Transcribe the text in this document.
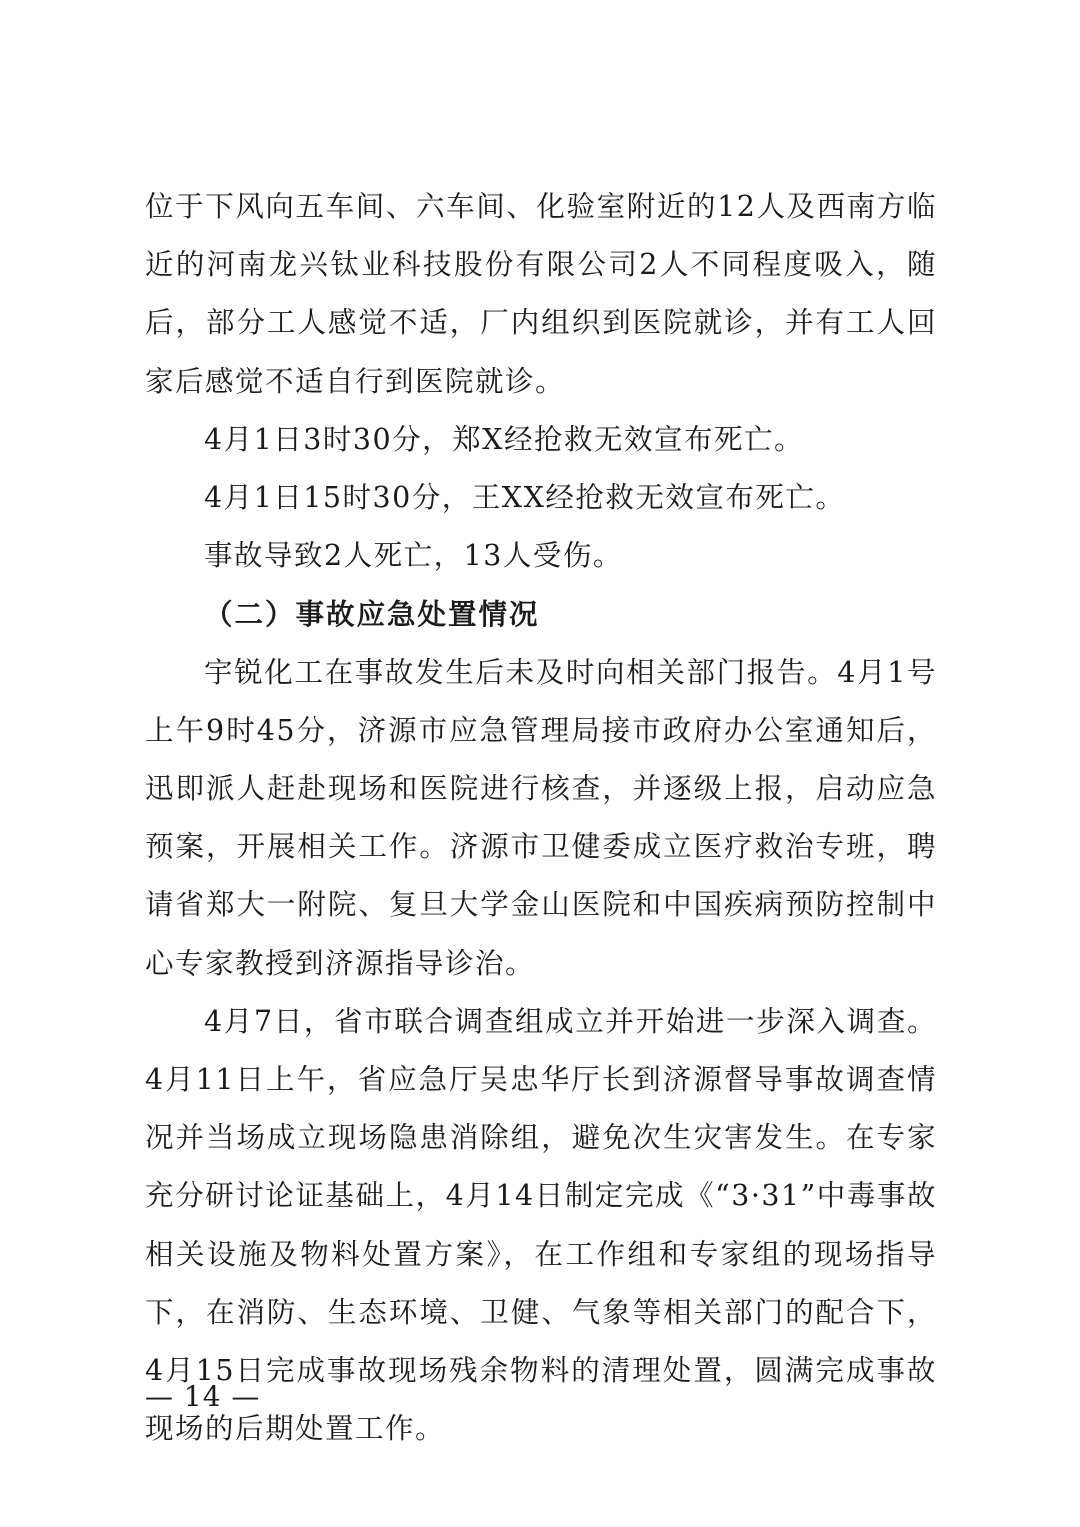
位于下风向五车间、六车间、化验室附近的12人及西南方临近的河南龙兴钛业科技股份有限公司2人不同程度吸入，随后，部分工人感觉不适，厂内组织到医院就诊，并有工人回家后感觉不适自行到医院就诊。

4月1日3时30分，郑X经抢救无效宣布死亡。

4月1日15时30分，王XX经抢救无效宣布死亡。

事故导致2人死亡，13人受伤。

（二）事故应急处置情况

宇锐化工在事故发生后未及时向相关部门报告。4月1号上午9时45分，济源市应急管理局接市政府办公室通知后，迅即派人赶赴现场和医院进行核查，并逐级上报，启动应急预案，开展相关工作。济源市卫健委成立医疗救治专班，聘请省郑大一附院、复旦大学金山医院和中国疾病预防控制中心专家教授到济源指导诊治。

4月7日，省市联合调查组成立并开始进一步深入调查。4月11日上午，省应急厅吴忠华厅长到济源督导事故调查情况并当场成立现场隐患消除组，避免次生灾害发生。在专家充分研讨论证基础上，4月14日制定完成《“3·31”中毒事故相关设施及物料处置方案》，在工作组和专家组的现场指导下，在消防、生态环境、卫健、气象等相关部门的配合下，4月15日完成事故现场残余物料的清理处置，圆满完成事故现场的后期处置工作。

— 14 —
